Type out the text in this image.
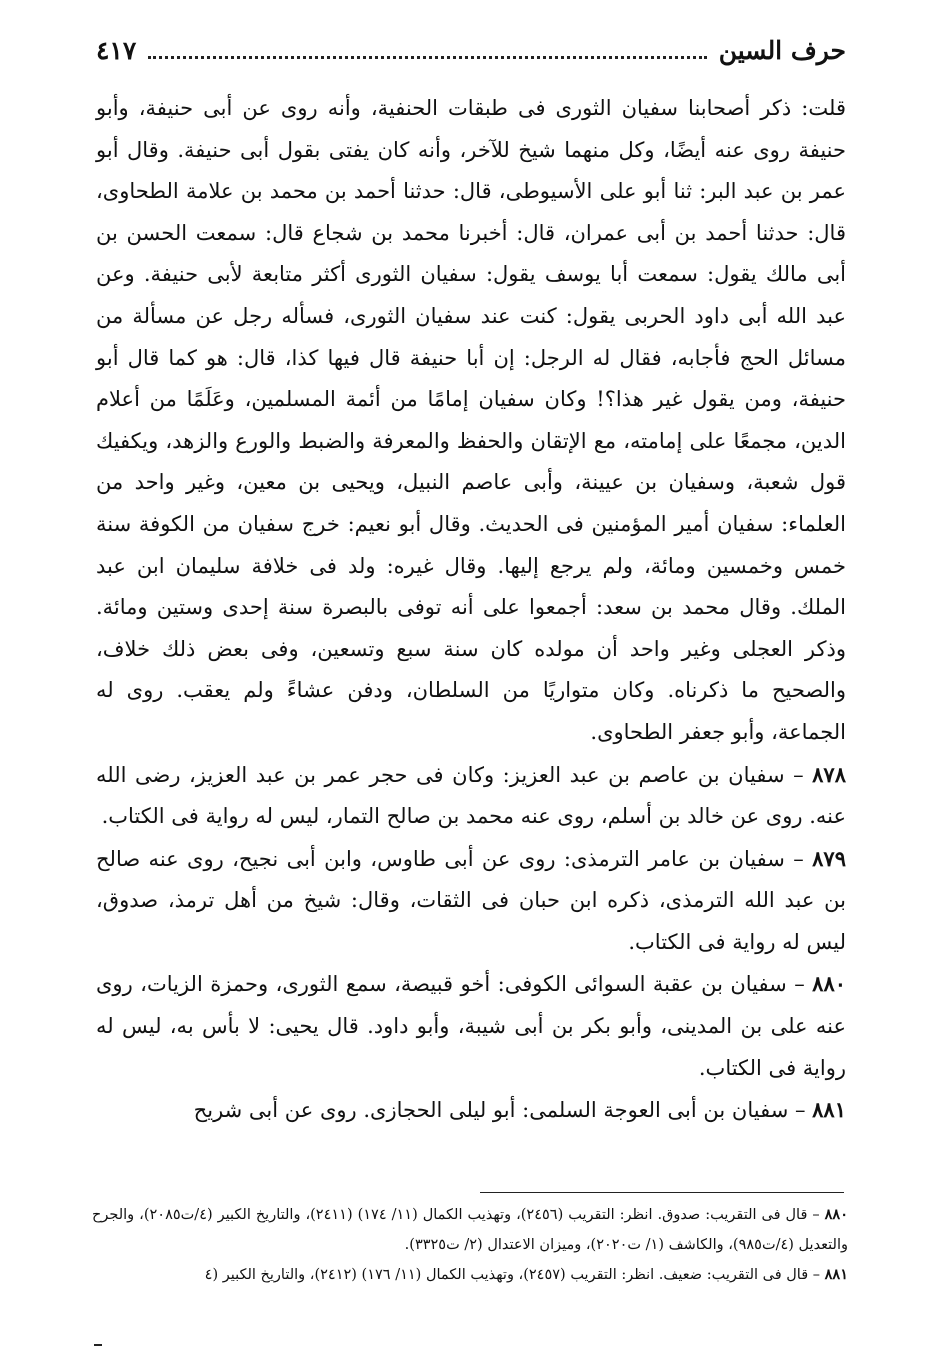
حرف السين
٤١٧

قلت: ذكر أصحابنا سفيان الثورى فى طبقات الحنفية، وأنه روى عن أبى حنيفة، وأبو حنيفة روى عنه أيضًا، وكل منهما شيخ للآخر، وأنه كان يفتى بقول أبى حنيفة. وقال أبو عمر بن عبد البر: ثنا أبو على الأسيوطى، قال: حدثنا أحمد بن محمد بن علامة الطحاوى، قال: حدثنا أحمد بن أبى عمران، قال: أخبرنا محمد بن شجاع قال: سمعت الحسن بن أبى مالك يقول: سمعت أبا يوسف يقول: سفيان الثورى أكثر متابعة لأبى حنيفة. وعن عبد الله أبى داود الحربى يقول: كنت عند سفيان الثورى، فسأله رجل عن مسألة من مسائل الحج فأجابه، فقال له الرجل: إن أبا حنيفة قال فيها كذا، قال: هو كما قال أبو حنيفة، ومن يقول غير هذا؟! وكان سفيان إمامًا من أئمة المسلمين، وعَلَمًا من أعلام الدين، مجمعًا على إمامته، مع الإتقان والحفظ والمعرفة والضبط والورع والزهد، ويكفيك قول شعبة، وسفيان بن عيينة، وأبى عاصم النبيل، ويحيى بن معين، وغير واحد من العلماء: سفيان أمير المؤمنين فى الحديث. وقال أبو نعيم: خرج سفيان من الكوفة سنة خمس وخمسين ومائة، ولم يرجع إليها. وقال غيره: ولد فى خلافة سليمان ابن عبد الملك. وقال محمد بن سعد: أجمعوا على أنه توفى بالبصرة سنة إحدى وستين ومائة. وذكر العجلى وغير واحد أن مولده كان سنة سبع وتسعين، وفى بعض ذلك خلاف، والصحيح ما ذكرناه. وكان متواريًا من السلطان، ودفن عشاءً ولم يعقب. روى له الجماعة، وأبو جعفر الطحاوى.

٨٧٨ – سفيان بن عاصم بن عبد العزيز: وكان فى حجر عمر بن عبد العزيز، رضى الله عنه. روى عن خالد بن أسلم، روى عنه محمد بن صالح التمار، ليس له رواية فى الكتاب.

٨٧٩ – سفيان بن عامر الترمذى: روى عن أبى طاوس، وابن أبى نجيح، روى عنه صالح بن عبد الله الترمذى، ذكره ابن حبان فى الثقات، وقال: شيخ من أهل ترمذ، صدوق، ليس له رواية فى الكتاب.

٨٨٠ – سفيان بن عقبة السوائى الكوفى: أخو قبيصة، سمع الثورى، وحمزة الزيات، روى عنه على بن المدينى، وأبو بكر بن أبى شيبة، وأبو داود. قال يحيى: لا بأس به، ليس له رواية فى الكتاب.

٨٨١ – سفيان بن أبى العوجة السلمى: أبو ليلى الحجازى. روى عن أبى شريح

٨٨٠ – قال فى التقريب: صدوق. انظر: التقريب (٢٤٥٦)، وتهذيب الكمال (١١/ ١٧٤) (٢٤١١)، والتاريخ الكبير (٤/ت٢٠٨٥)، والجرح والتعديل (٤/ت٩٨٥)، والكاشف (١/ ت٢٠٢٠)، وميزان الاعتدال (٢/ ت٣٣٢٥).

٨٨١ – قال فى التقريب: ضعيف. انظر: التقريب (٢٤٥٧)، وتهذيب الكمال (١١/ ١٧٦) (٢٤١٢)، والتاريخ الكبير (٤
